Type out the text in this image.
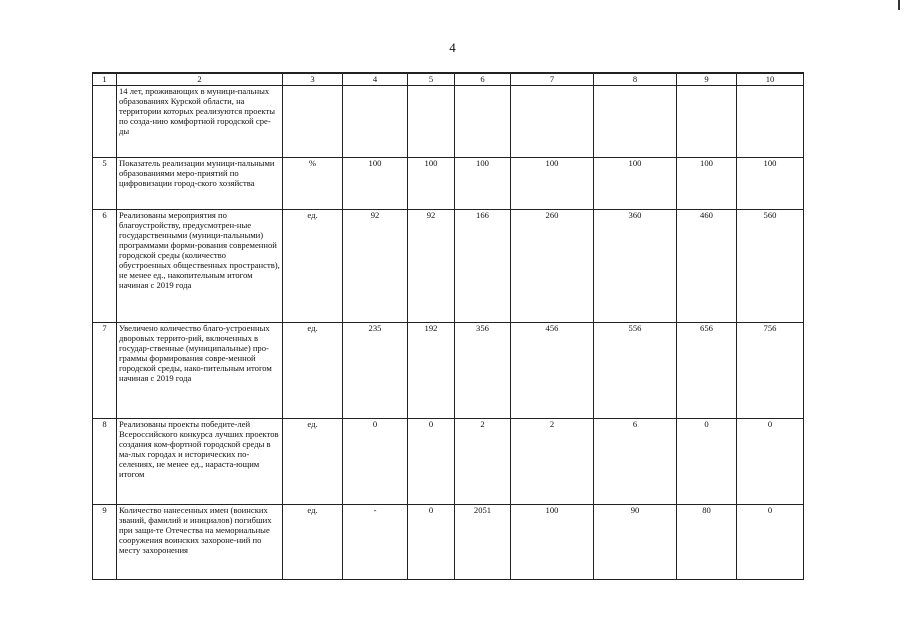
4
1	2	3	4	5	6	7	8	9	10
	14 лет, проживающих в муници-пальных образованиях Курской области, на территории которых реализуются проекты по созда-нию комфортной городской сре-ды								
5	Показатель реализации муници-пальными образованиями меро-приятий по цифровизации город-ского хозяйства	%	100	100	100	100	100	100	100
6	Реализованы мероприятия по благоустройству, предусмотрен-ные государственными (муници-пальными) программами форми-рования современной городской среды (количество обустроенных общественных пространств), не менее ед., накопительным итогом начиная с 2019 года	ед.	92	92	166	260	360	460	560
7	Увеличено количество благо-устроенных дворовых террито-рий, включенных в государ-ственные (муниципальные) про-граммы формирования совре-менной городской среды, нако-пительным итогом начиная с 2019 года	ед.	235	192	356	456	556	656	756
8	Реализованы проекты победите-лей Всероссийского конкурса лучших проектов создания ком-фортной городской среды в ма-лых городах и исторических по-селениях, не менее ед., нараста-ющим итогом	ед.	0	0	2	2	6	0	0
9	Количество нанесенных имен (воинских званий, фамилий и инициалов) погибших при защи-те Отечества на мемориальные сооружения воинских захороне-ний по месту захоронения	ед.	-	0	2051	100	90	80	0
